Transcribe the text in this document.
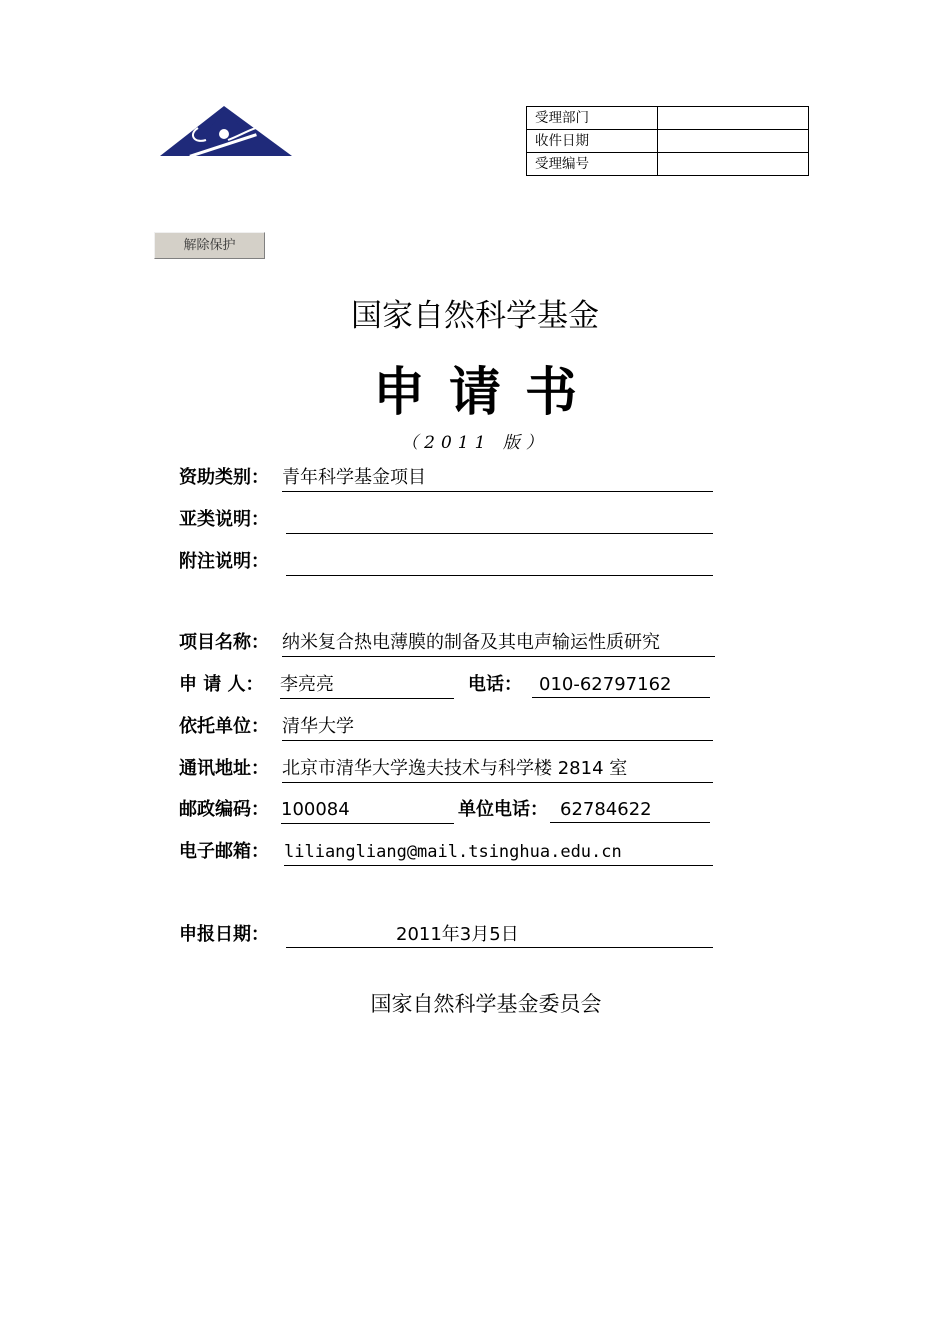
受理部门	
收件日期	
受理编号	
解除保护
国家自然科学基金
申请书
（2011 版）
资助类别： 青年科学基金项目
亚类说明：
附注说明：
项目名称： 纳米复合热电薄膜的制备及其电声输运性质研究
申 请 人： 李亮亮	电话： 010-62797162
依托单位： 清华大学
通讯地址： 北京市清华大学逸夫技术与科学楼 2814 室
邮政编码： 100084	单位电话： 62784622
电子邮箱： liliangliang@mail.tsinghua.edu.cn
申报日期：	2011年3月5日
国家自然科学基金委员会
